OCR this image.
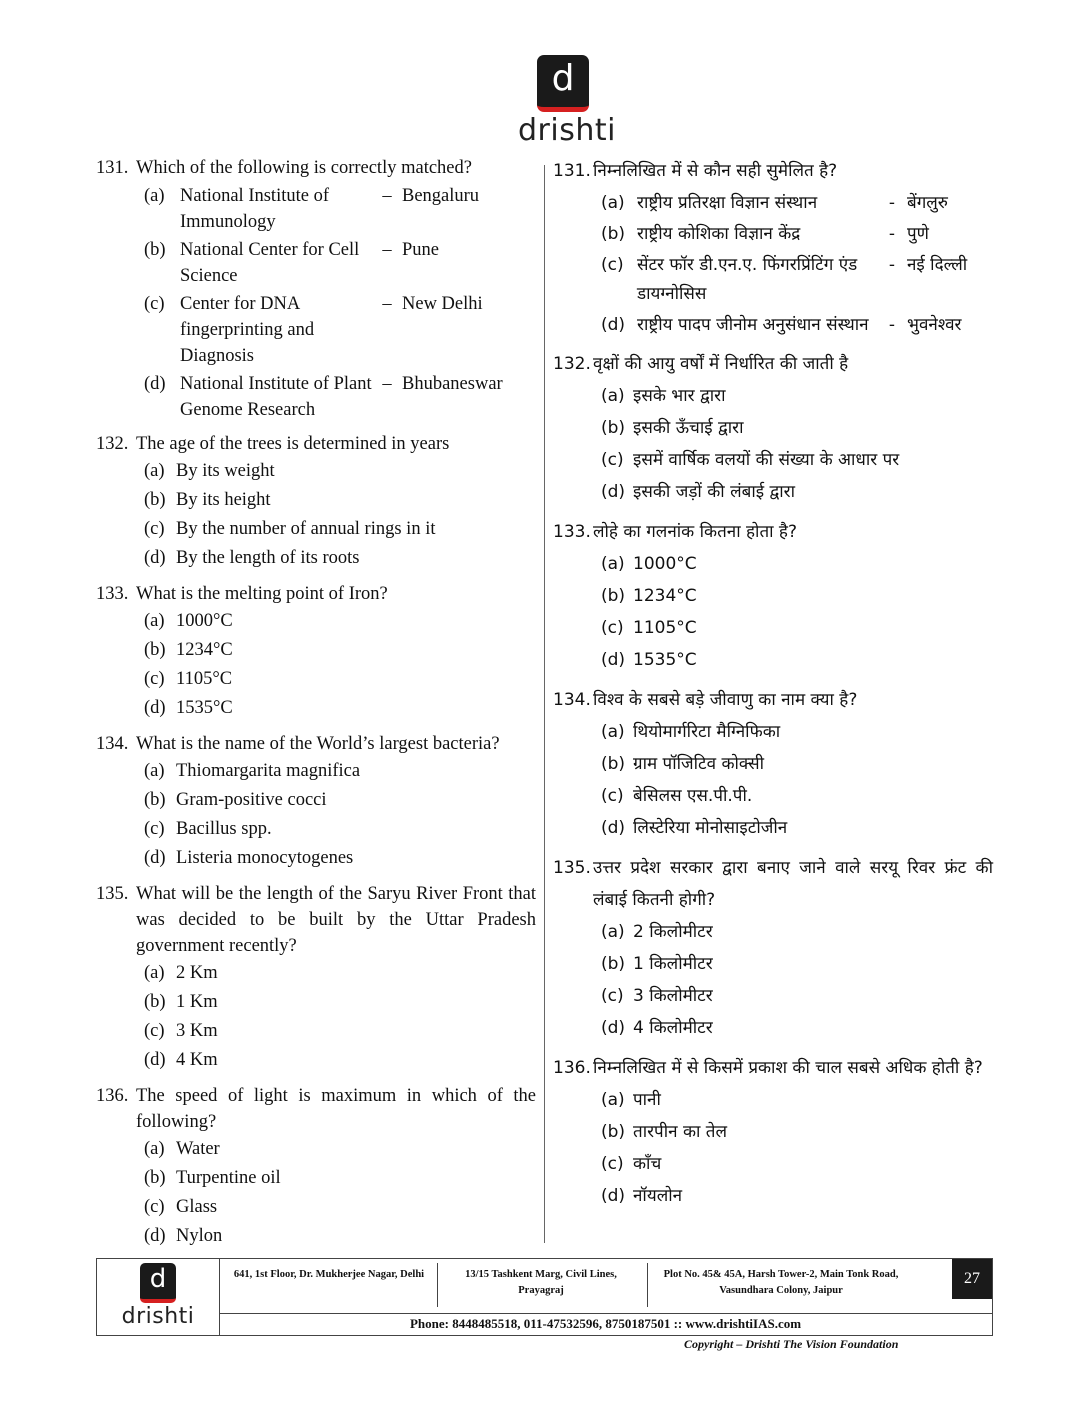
d
drishti
131. Which of the following is correctly matched?
(a) National Institute of Immunology
– Bengaluru
(b) National Center for Cell Science
– Pune
(c) Center for DNA fingerprinting and Diagnosis
– New Delhi
(d) National Institute of Plant Genome Research
– Bhubaneswar
132. The age of the trees is determined in years
(a) By its weight
(b) By its height
(c) By the number of annual rings in it
(d) By the length of its roots
133. What is the melting point of Iron?
(a) 1000°C
(b) 1234°C
(c) 1105°C
(d) 1535°C
134. What is the name of the World’s largest bacteria?
(a) Thiomargarita magnifica
(b) Gram-positive cocci
(c) Bacillus spp.
(d) Listeria monocytogenes
135. What will be the length of the Saryu River Front that was decided to be built by the Uttar Pradesh government recently?
(a) 2 Km
(b) 1 Km
(c) 3 Km
(d) 4 Km
136. The speed of light is maximum in which of the following?
(a) Water
(b) Turpentine oil
(c) Glass
(d) Nylon
131. निम्नलिखित में से कौन सही सुमेलित है?
(a) राष्ट्रीय प्रतिरक्षा विज्ञान संस्थान	- बेंगलुरु
(b) राष्ट्रीय कोशिका विज्ञान केंद्र	- पुणे
(c) सेंटर फॉर डी.एन.ए. फिंगरप्रिंटिंग एंड डायग्नोसिस
- नई दिल्ली
(d) राष्ट्रीय पादप जीनोम अनुसंधान संस्थान	- भुवनेश्वर
132. वृक्षों की आयु वर्षों में निर्धारित की जाती है
(a) इसके भार द्वारा
(b) इसकी ऊँचाई द्वारा
(c) इसमें वार्षिक वलयों की संख्या के आधार पर
(d) इसकी जड़ों की लंबाई द्वारा
133. लोहे का गलनांक कितना होता है?
(a) 1000°C
(b) 1234°C
(c) 1105°C
(d) 1535°C
134. विश्व के सबसे बड़े जीवाणु का नाम क्या है?
(a) थियोमार्गरिटा मैग्निफिका
(b) ग्राम पॉजिटिव कोक्सी
(c) बेसिलस एस.पी.पी.
(d) लिस्टेरिया मोनोसाइटोजीन
135. उत्तर प्रदेश सरकार द्वारा बनाए जाने वाले सरयू रिवर फ्रंट की लंबाई कितनी होगी?
(a) 2 किलोमीटर
(b) 1 किलोमीटर
(c) 3 किलोमीटर
(d) 4 किलोमीटर
136. निम्नलिखित में से किसमें प्रकाश की चाल सबसे अधिक होती है?
(a) पानी
(b) तारपीन का तेल
(c) काँच
(d) नॉयलोन
d
drishti
641, 1st Floor, Dr. Mukherjee Nagar, Delhi	13/15 Tashkent Marg, Civil Lines, Prayagraj
Plot No. 45& 45A, Harsh Tower-2, Main Tonk Road, Vasundhara Colony, Jaipur
27
Phone: 8448485518, 011-47532596, 8750187501 :: www.drishtiIAS.com
Copyright – Drishti The Vision Foundation
